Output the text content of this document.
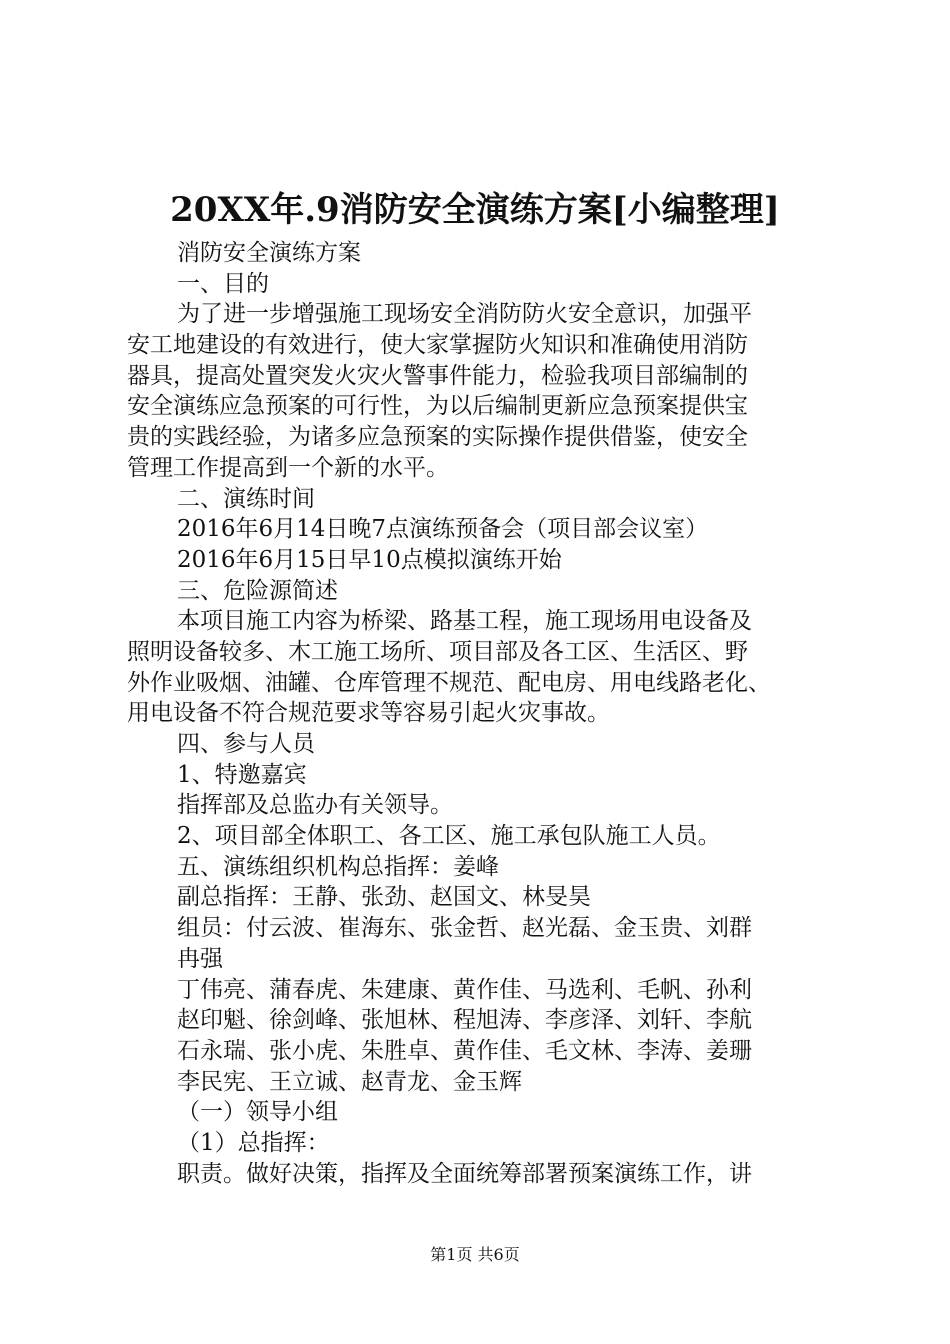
20XX年.9消防安全演练方案[小编整理]
消防安全演练方案
一、目的
为了进一步增强施工现场安全消防防火安全意识，加强平
安工地建设的有效进行，使大家掌握防火知识和准确使用消防
器具，提高处置突发火灾火警事件能力，检验我项目部编制的
安全演练应急预案的可行性，为以后编制更新应急预案提供宝
贵的实践经验，为诸多应急预案的实际操作提供借鉴，使安全
管理工作提高到一个新的水平。
二、演练时间
2016年6月14日晚7点演练预备会（项目部会议室）
2016年6月15日早10点模拟演练开始
三、危险源简述
本项目施工内容为桥梁、路基工程，施工现场用电设备及
照明设备较多、木工施工场所、项目部及各工区、生活区、野
外作业吸烟、油罐、仓库管理不规范、配电房、用电线路老化、
用电设备不符合规范要求等容易引起火灾事故。
四、参与人员
1、特邀嘉宾
指挥部及总监办有关领导。
2、项目部全体职工、各工区、施工承包队施工人员。
五、演练组织机构总指挥：姜峰
副总指挥：王静、张劲、赵国文、林旻昊
组员：付云波、崔海东、张金哲、赵光磊、金玉贵、刘群
冉强
丁伟亮、蒲春虎、朱建康、黄作佳、马选利、毛帆、孙利
赵印魁、徐剑峰、张旭林、程旭涛、李彦泽、刘轩、李航
石永瑞、张小虎、朱胜卓、黄作佳、毛文林、李涛、姜珊
李民宪、王立诚、赵青龙、金玉辉
（一）领导小组
（1）总指挥：
职责。做好决策，指挥及全面统筹部署预案演练工作，讲
第1页 共6页
